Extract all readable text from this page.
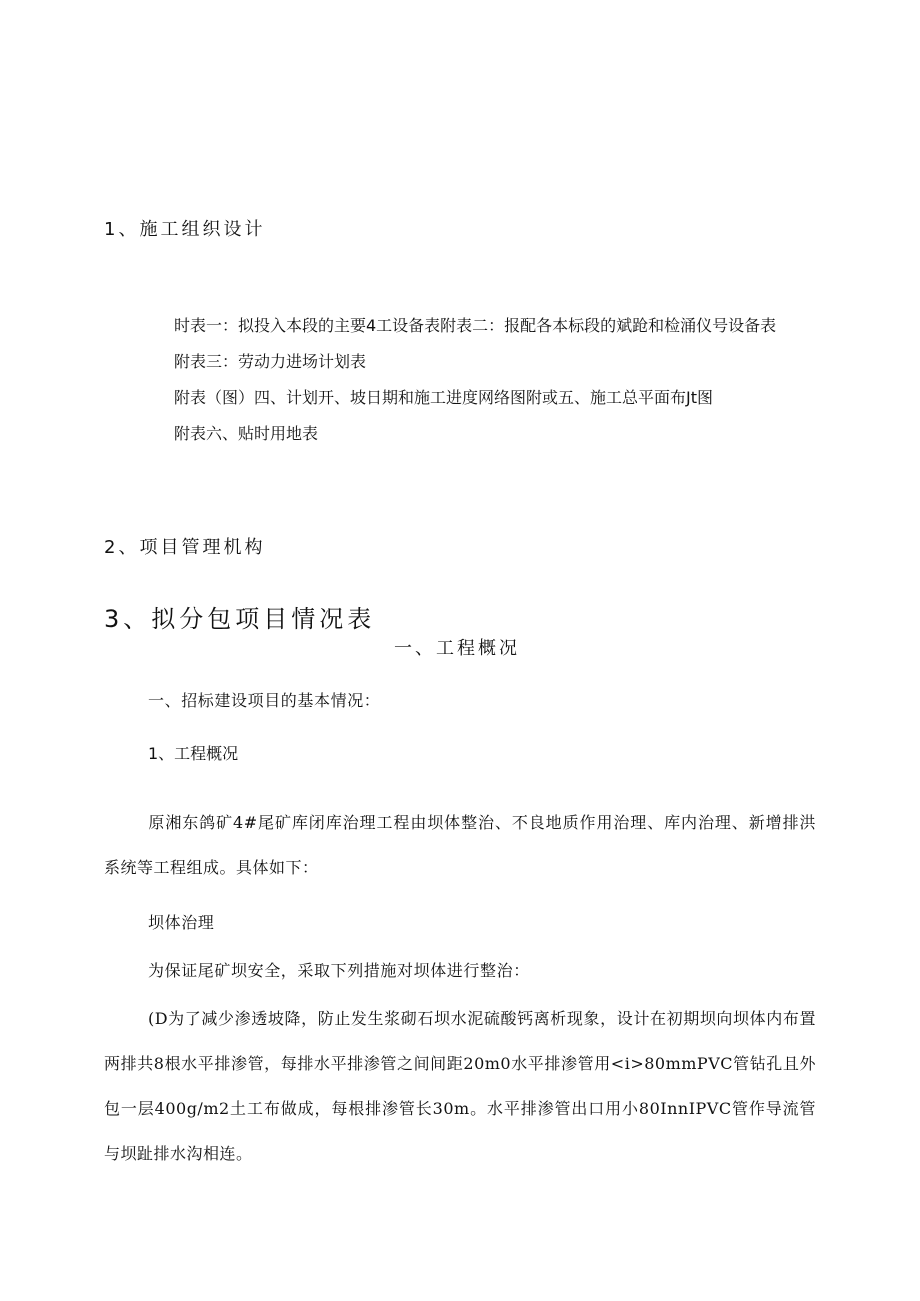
1、施工组织设计

时表一：拟投入本段的主要4工设备表附表二：报配各本标段的斌跄和检涌仪号设备表

附表三：劳动力进场计划表

附表（图）四、计划开、坡日期和施工进度网络图附或五、施工总平面布Jt图

附表六、贴时用地表

2、项目管理机构

3、拟分包项目情况表

一、工程概况

一、招标建设项目的基本情况：

1、工程概况

原湘东鸽矿4#尾矿库闭库治理工程由坝体整治、不良地质作用治理、库内治理、新增排洪系统等工程组成。具体如下：

坝体治理

为保证尾矿坝安全，采取下列措施对坝体进行整治：

(D为了减少渗透坡降，防止发生浆砌石坝水泥硫酸钙离析现象，设计在初期坝向坝体内布置两排共8根水平排渗管，每排水平排渗管之间间距20m0水平排渗管用<i>80mmPVC管钻孔且外包一层400g∕m2土工布做成，每根排渗管长30m。水平排渗管出口用小80InnIPVC管作导流管与坝趾排水沟相连。
